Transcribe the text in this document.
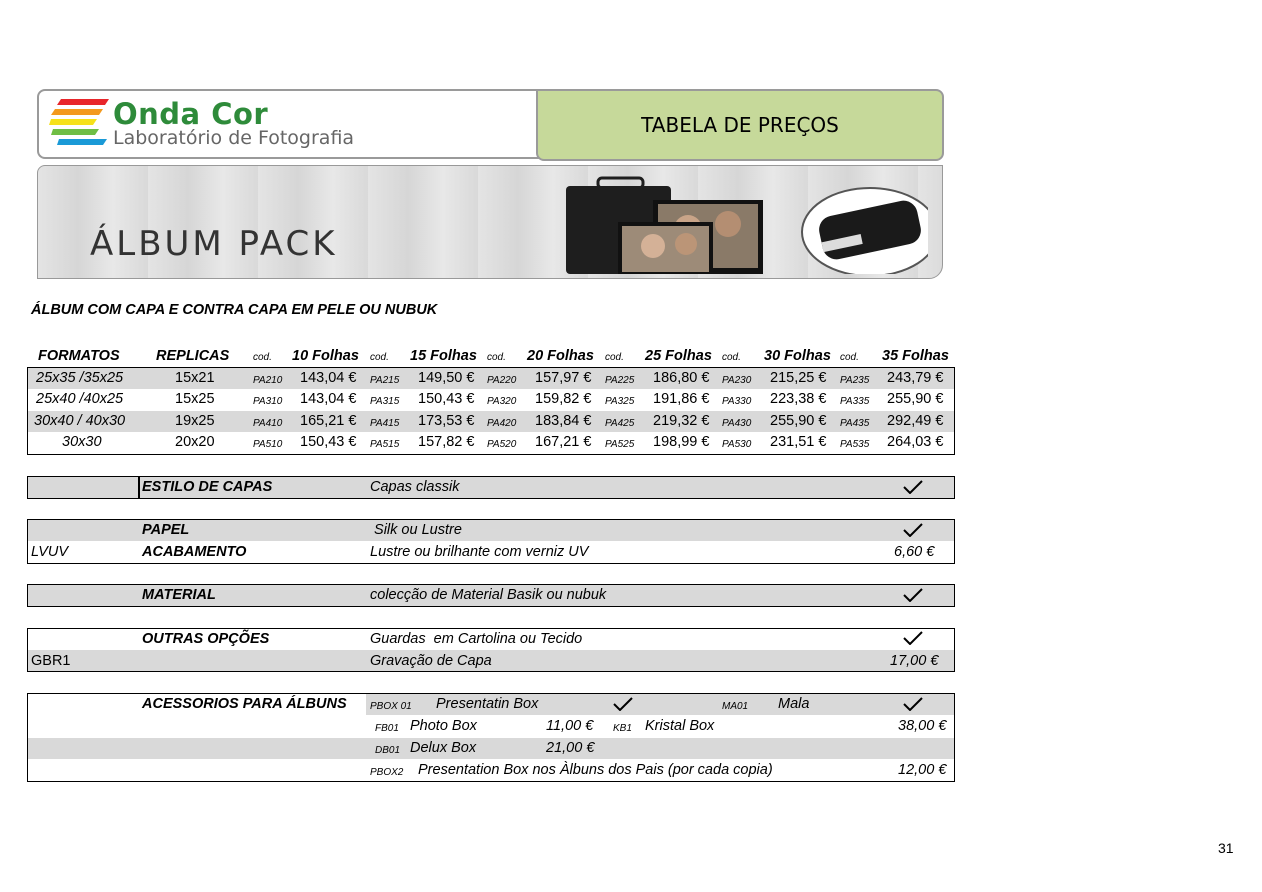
Onda Cor
Laboratório de Fotografia
TABELA DE PREÇOS
ÁLBUM PACK
ÁLBUM COM CAPA E CONTRA CAPA EM PELE OU NUBUK
FORMATOS	REPLICAS cod. 10 Folhas cod. 15 Folhas cod. 20 Folhas cod. 25 Folhas cod. 30 Folhas cod. 35 Folhas
25x35 /35x25	15x21	PA210 143,04 € PA215 149,50 € PA220 157,97 € PA225 186,80 € PA230 215,25 € PA235 243,79 €
25x40 /40x25	15x25	PA310 143,04 € PA315 150,43 € PA320 159,82 € PA325 191,86 € PA330 223,38 € PA335 255,90 €
30x40 / 40x30	19x25	PA410 165,21 € PA415 173,53 € PA420 183,84 € PA425 219,32 € PA430 255,90 € PA435 292,49 €
30x30	20x20	PA510 150,43 € PA515 157,82 € PA520 167,21 € PA525 198,99 € PA530 231,51 € PA535 264,03 €
ESTILO DE CAPAS	Capas classik
PAPEL	Silk ou Lustre
LVUV	ACABAMENTO	Lustre ou brilhante com verniz UV	6,60 €
MATERIAL	colecção de Material Basik ou nubuk
OUTRAS OPÇÕES	Guardas  em Cartolina ou Tecido
GBR1	Gravação de Capa	17,00 €
ACESSORIOS PARA ÁLBUNS PBOX 01 Presentatin Box	MA01 Mala
FB01 Photo Box	11,00 € KB1 Kristal Box	38,00 €
DB01 Delux Box	21,00 €
PBOX2 Presentation Box nos Àlbuns dos Pais (por cada copia)	12,00 €
31
